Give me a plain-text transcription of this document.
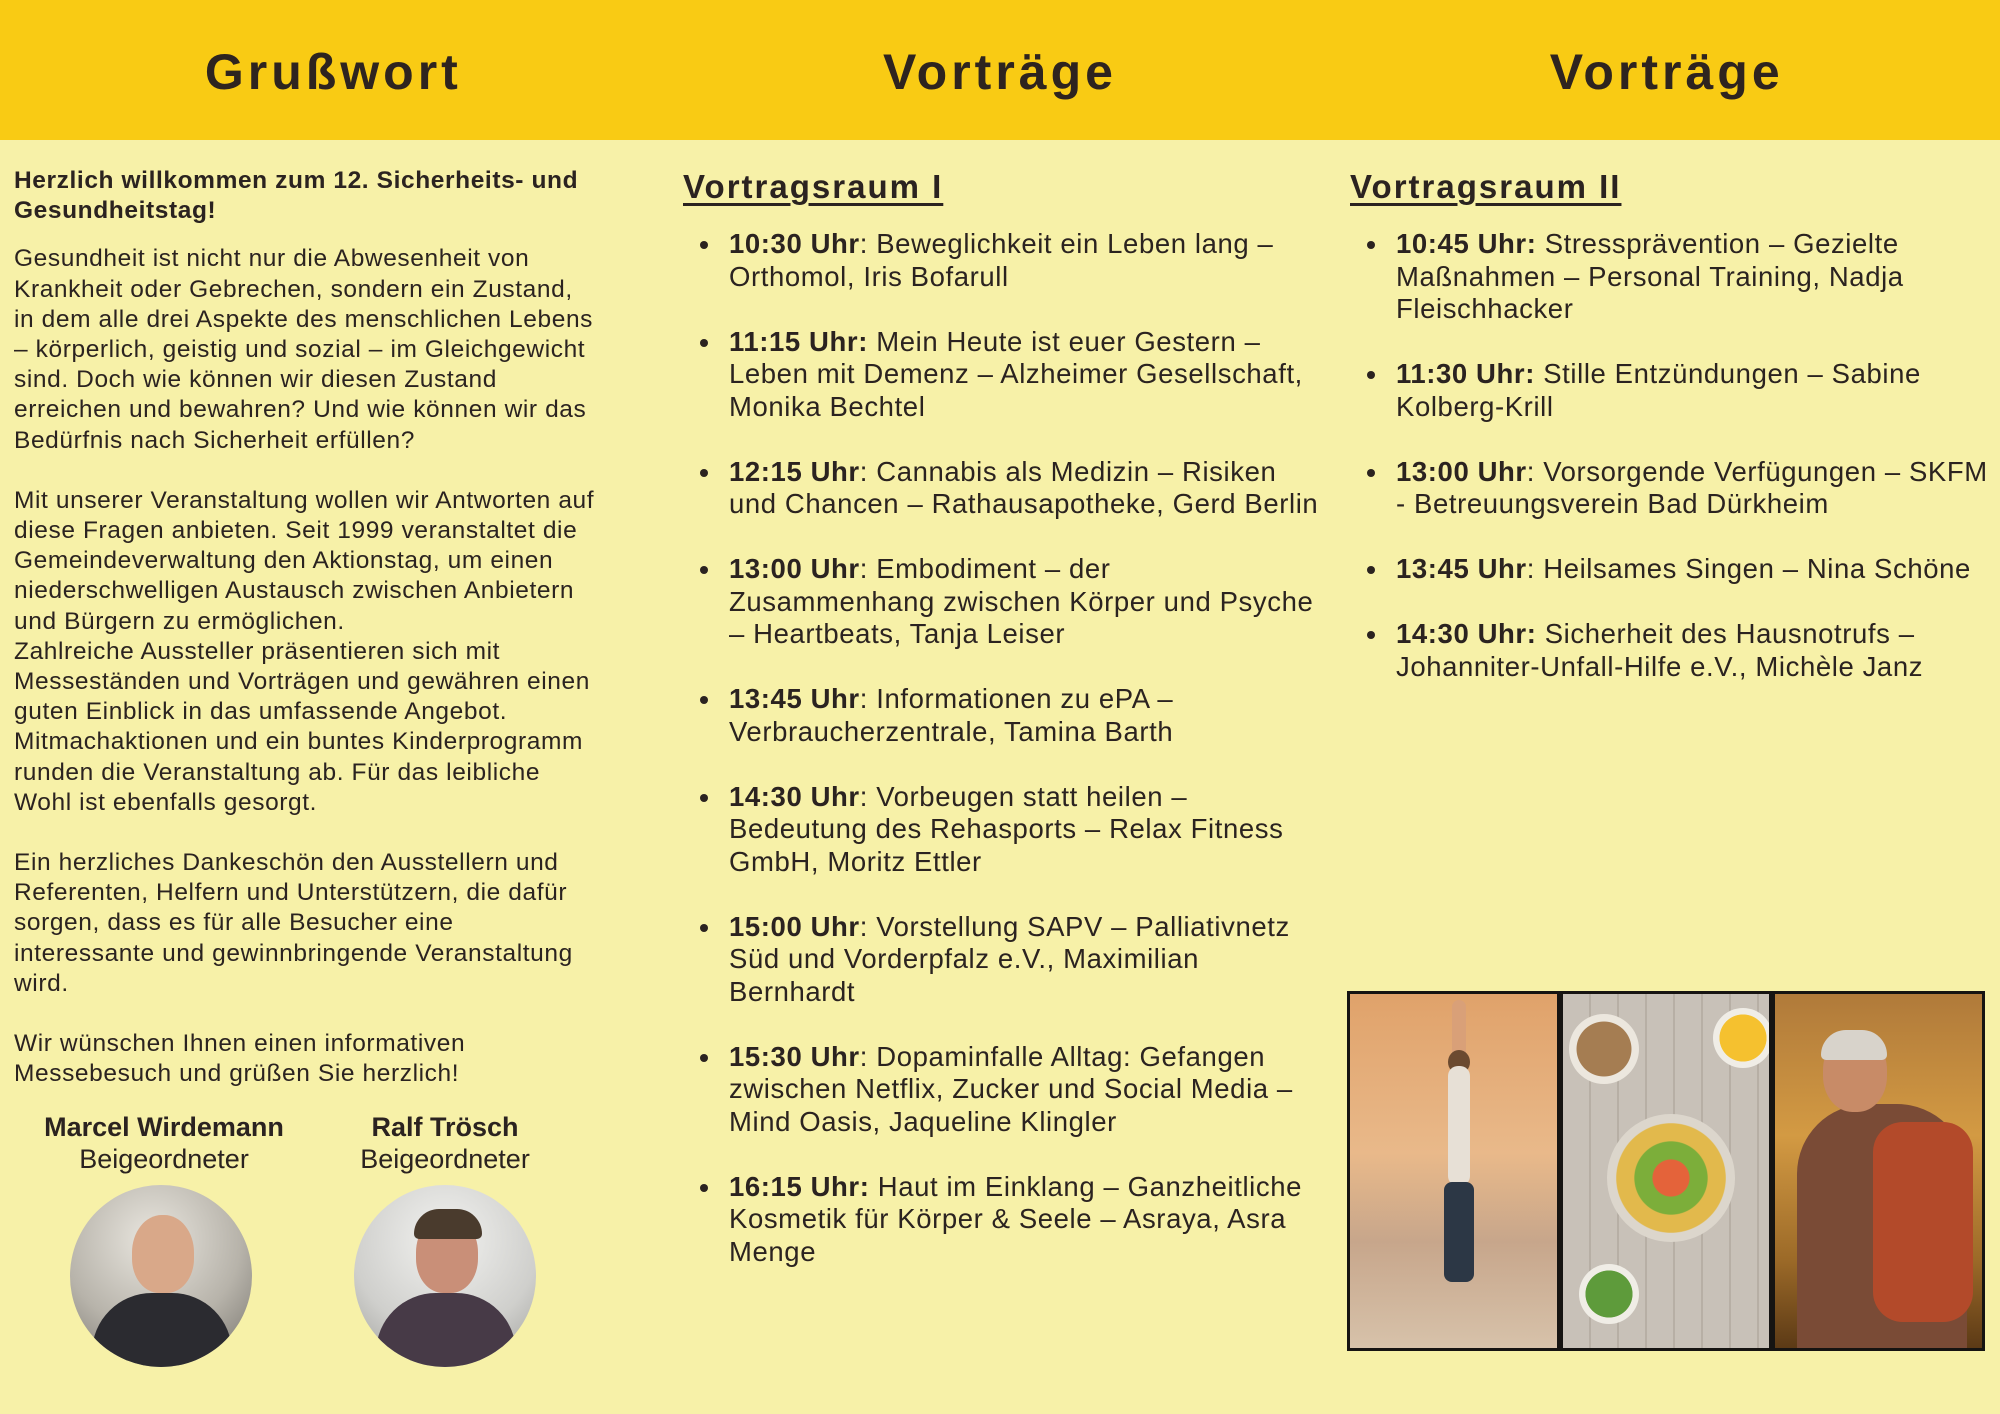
Grußwort	Vorträge	Vorträge
Herzlich willkommen zum 12. Sicherheits- und
Gesundheitstag!
Gesundheit ist nicht nur die Abwesenheit von
Krankheit oder Gebrechen, sondern ein Zustand,
in dem alle drei Aspekte des menschlichen Lebens
– körperlich, geistig und sozial – im Gleichgewicht
sind. Doch wie können wir diesen Zustand
erreichen und bewahren? Und wie können wir das
Bedürfnis nach Sicherheit erfüllen?
Mit unserer Veranstaltung wollen wir Antworten auf
diese Fragen anbieten. Seit 1999 veranstaltet die
Gemeindeverwaltung den Aktionstag, um einen
niederschwelligen Austausch zwischen Anbietern
und Bürgern zu ermöglichen.
Zahlreiche Aussteller präsentieren sich mit
Messeständen und Vorträgen und gewähren einen
guten Einblick in das umfassende Angebot.
Mitmachaktionen und ein buntes Kinderprogramm
runden die Veranstaltung ab. Für das leibliche
Wohl ist ebenfalls gesorgt.
Ein herzliches Dankeschön den Ausstellern und
Referenten, Helfern und Unterstützern, die dafür
sorgen, dass es für alle Besucher eine
interessante und gewinnbringende Veranstaltung
wird.
Wir wünschen Ihnen einen informativen
Messebesuch und grüßen Sie herzlich!
Marcel Wirdemann
Beigeordneter
Ralf Trösch
Beigeordneter
Vortragsraum I
10:30 Uhr: Beweglichkeit ein Leben lang – Orthomol, Iris Bofarull
11:15 Uhr: Mein Heute ist euer Gestern – Leben mit Demenz – Alzheimer Gesellschaft, Monika Bechtel
12:15 Uhr: Cannabis als Medizin – Risiken und Chancen – Rathausapotheke, Gerd Berlin
13:00 Uhr: Embodiment – der Zusammenhang zwischen Körper und Psyche – Heartbeats, Tanja Leiser
13:45 Uhr: Informationen zu ePA – Verbraucherzentrale, Tamina Barth
14:30 Uhr: Vorbeugen statt heilen – Bedeutung des Rehasports – Relax Fitness GmbH, Moritz Ettler
15:00 Uhr: Vorstellung SAPV – Palliativnetz Süd und Vorderpfalz e.V., Maximilian Bernhardt
15:30 Uhr: Dopaminfalle Alltag: Gefangen zwischen Netflix, Zucker und Social Media – Mind Oasis, Jaqueline Klingler
16:15 Uhr: Haut im Einklang – Ganzheitliche Kosmetik für Körper & Seele – Asraya, Asra Menge
Vortragsraum II
10:45 Uhr: Stressprävention – Gezielte Maßnahmen – Personal Training, Nadja Fleischhacker
11:30 Uhr: Stille Entzündungen – Sabine Kolberg-Krill
13:00 Uhr: Vorsorgende Verfügungen – SKFM - Betreuungsverein Bad Dürkheim
13:45 Uhr: Heilsames Singen – Nina Schöne
14:30 Uhr: Sicherheit des Hausnotrufs – Johanniter-Unfall-Hilfe e.V., Michèle Janz
